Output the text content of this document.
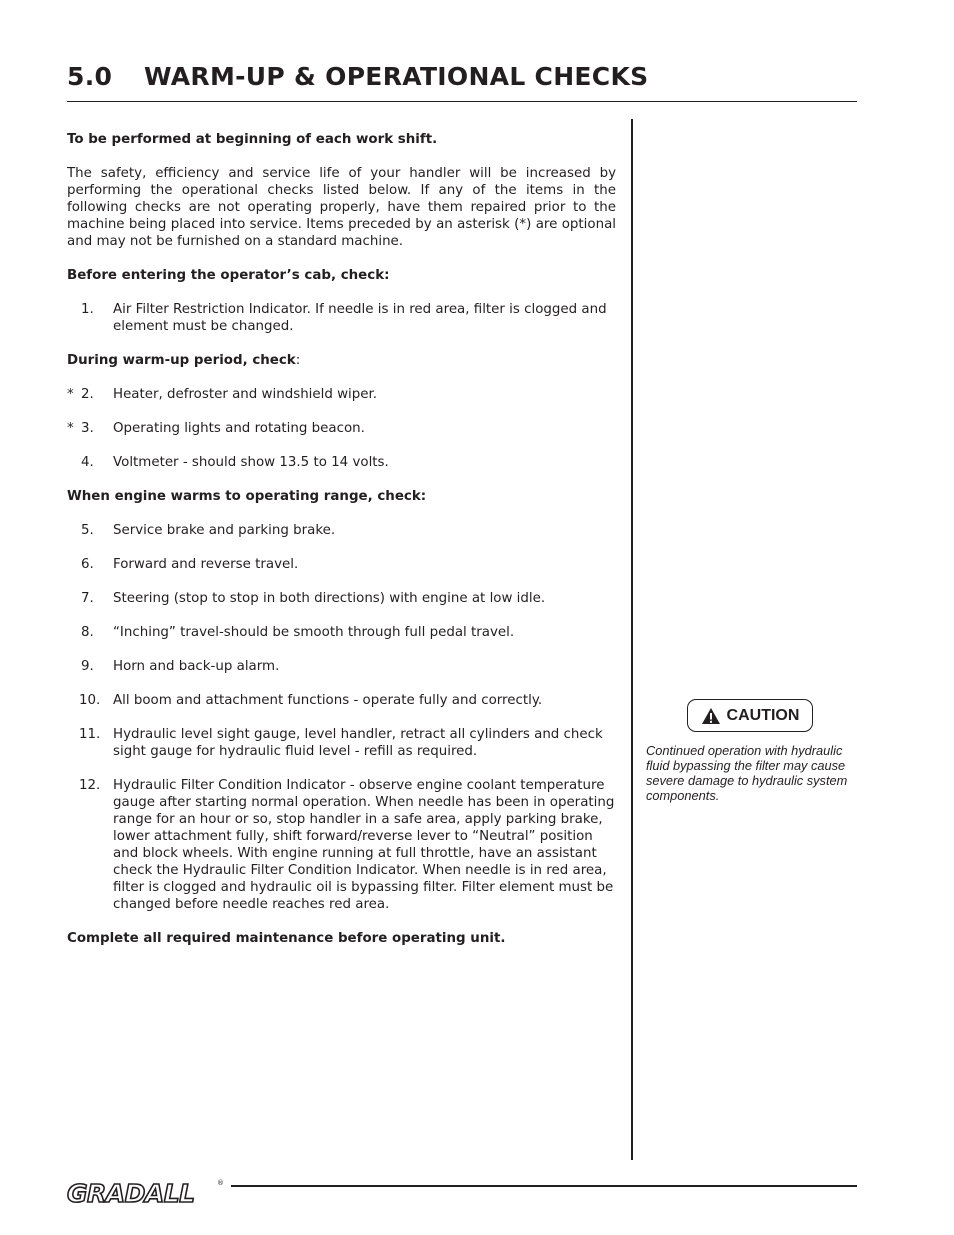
5.0 WARM-UP & OPERATIONAL CHECKS

To be performed at beginning of each work shift.

The safety, efficiency and service life of your handler will be increased by performing the operational checks listed below. If any of the items in the following checks are not operating properly, have them repaired prior to the machine being placed into service. Items preceded by an asterisk (*) are optional and may not be furnished on a standard machine.

Before entering the operator’s cab, check:

1. Air Filter Restriction Indicator. If needle is in red area, filter is clogged and element must be changed.

During warm-up period, check:

* 2. Heater, defroster and windshield wiper.
* 3. Operating lights and rotating beacon.
4. Voltmeter - should show 13.5 to 14 volts.

When engine warms to operating range, check:

5. Service brake and parking brake.
6. Forward and reverse travel.
7. Steering (stop to stop in both directions) with engine at low idle.
8. “Inching” travel-should be smooth through full pedal travel.
9. Horn and back-up alarm.
10. All boom and attachment functions - operate fully and correctly.
11. Hydraulic level sight gauge, level handler, retract all cylinders and check sight gauge for hydraulic fluid level - refill as required.
12. Hydraulic Filter Condition Indicator - observe engine coolant temperature gauge after starting normal operation. When needle has been in operating range for an hour or so, stop handler in a safe area, apply parking brake, lower attachment fully, shift forward/reverse lever to “Neutral” position and block wheels. With engine running at full throttle, have an assistant check the Hydraulic Filter Condition Indicator. When needle is in red area, filter is clogged and hydraulic oil is bypassing filter. Filter element must be changed before needle reaches red area.

Complete all required maintenance before operating unit.

CAUTION

Continued operation with hydraulic fluid bypassing the filter may cause severe damage to hydraulic system components.

GRADALL	®
